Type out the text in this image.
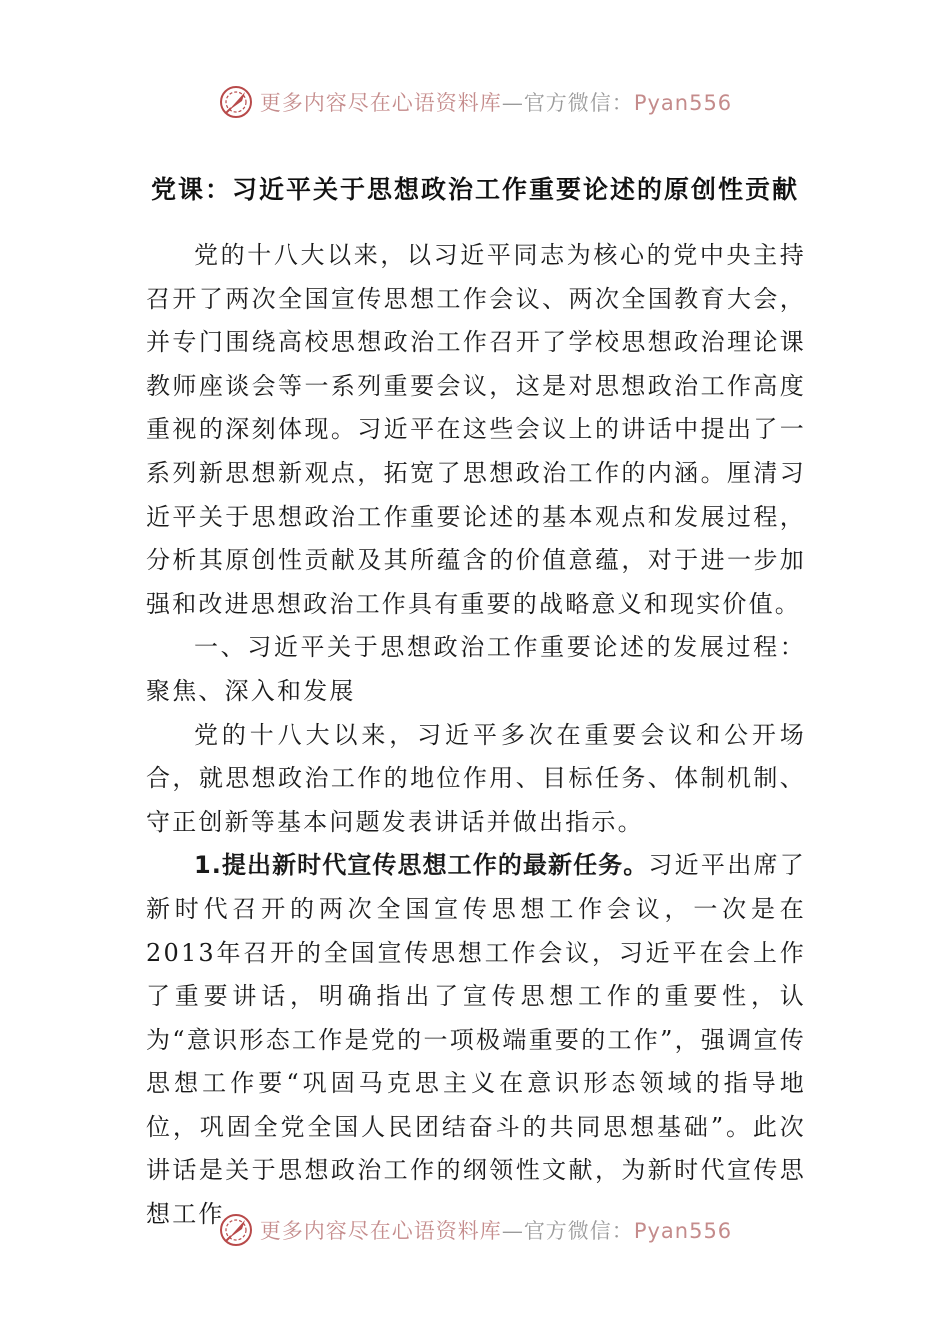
更多内容尽在心语资料库—官方微信：Pyan556
党课：习近平关于思想政治工作重要论述的原创性贡献

党的十八大以来，以习近平同志为核心的党中央主持召开了两次全国宣传思想工作会议、两次全国教育大会，并专门围绕高校思想政治工作召开了学校思想政治理论课教师座谈会等一系列重要会议，这是对思想政治工作高度重视的深刻体现。习近平在这些会议上的讲话中提出了一系列新思想新观点，拓宽了思想政治工作的内涵。厘清习近平关于思想政治工作重要论述的基本观点和发展过程，分析其原创性贡献及其所蕴含的价值意蕴，对于进一步加强和改进思想政治工作具有重要的战略意义和现实价值。

一、习近平关于思想政治工作重要论述的发展过程：聚焦、深入和发展

党的十八大以来，习近平多次在重要会议和公开场合，就思想政治工作的地位作用、目标任务、体制机制、守正创新等基本问题发表讲话并做出指示。

1.提出新时代宣传思想工作的最新任务。习近平出席了新时代召开的两次全国宣传思想工作会议，一次是在2013年召开的全国宣传思想工作会议，习近平在会上作了重要讲话，明确指出了宣传思想工作的重要性，认为“意识形态工作是党的一项极端重要的工作”，强调宣传思想工作要“巩固马克思主义在意识形态领域的指导地位，巩固全党全国人民团结奋斗的共同思想基础”。此次讲话是关于思想政治工作的纲领性文献，为新时代宣传思想工作

更多内容尽在心语资料库—官方微信：Pyan556
